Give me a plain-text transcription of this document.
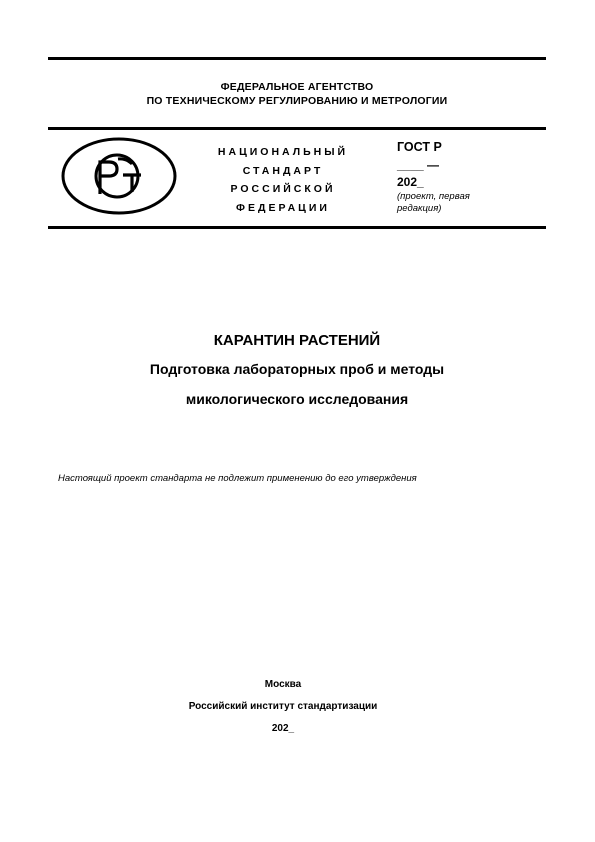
ФЕДЕРАЛЬНОЕ АГЕНТСТВО
ПО ТЕХНИЧЕСКОМУ РЕГУЛИРОВАНИЮ И МЕТРОЛОГИИ
НАЦИОНАЛЬНЫЙ
СТАНДАРТ
РОССИЙСКОЙ
ФЕДЕРАЦИИ
ГОСТ Р
____ —
202_
(проект, первая редакция)
КАРАНТИН РАСТЕНИЙ
Подготовка лабораторных проб и методы
микологического исследования
Настоящий проект стандарта не подлежит применению до его утверждения
Москва
Российский институт стандартизации
202_
